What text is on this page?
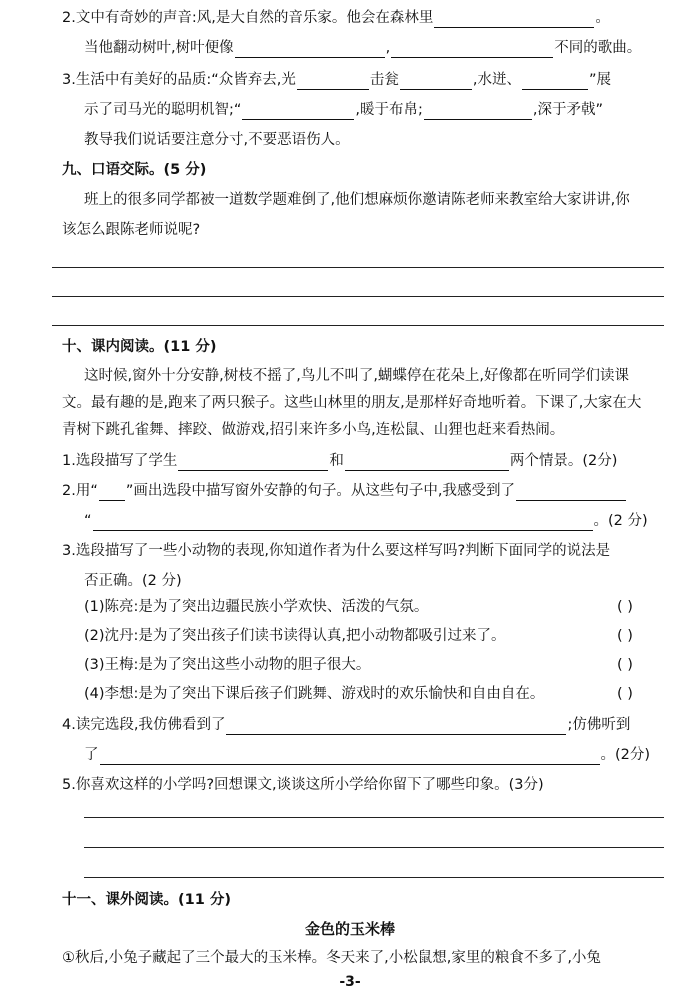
2.文中有奇妙的声音:风,是大自然的音乐家。他会在森林里	。
当他翻动树叶,树叶便像	,	不同的歌曲。
3.生活中有美好的品质:“众皆弃去,光	击瓮	,水迸、	”展
示了司马光的聪明机智;“	,暖于布帛;	,深于矛戟”
教导我们说话要注意分寸,不要恶语伤人。
九、口语交际。(5 分)
班上的很多同学都被一道数学题难倒了,他们想麻烦你邀请陈老师来教室给大家讲讲,你
该怎么跟陈老师说呢?
十、课内阅读。(11 分)
这时候,窗外十分安静,树枝不摇了,鸟儿不叫了,蝴蝶停在花朵上,好像都在听同学们读课
文。最有趣的是,跑来了两只猴子。这些山林里的朋友,是那样好奇地听着。下课了,大家在大
青树下跳孔雀舞、摔跤、做游戏,招引来许多小鸟,连松鼠、山狸也赶来看热闹。
1.选段描写了学生	和	两个情景。(2分)
2.用“ ”画出选段中描写窗外安静的句子。从这些句子中,我感受到了
“	。(2 分)
3.选段描写了一些小动物的表现,你知道作者为什么要这样写吗?判断下面同学的说法是
否正确。(2 分)
(1)陈亮:是为了突出边疆民族小学欢快、活泼的气氛。	( )
(2)沈丹:是为了突出孩子们读书读得认真,把小动物都吸引过来了。	( )
(3)王梅:是为了突出这些小动物的胆子很大。	( )
(4)李想:是为了突出下课后孩子们跳舞、游戏时的欢乐愉快和自由自在。	( )
4.读完选段,我仿佛看到了	;仿佛听到
了	。(2分)
5.你喜欢这样的小学吗?回想课文,谈谈这所小学给你留下了哪些印象。(3分)
十一、课外阅读。(11 分)
金色的玉米棒
①秋后,小兔子藏起了三个最大的玉米棒。冬天来了,小松鼠想,家里的粮食不多了,小兔
-3-
